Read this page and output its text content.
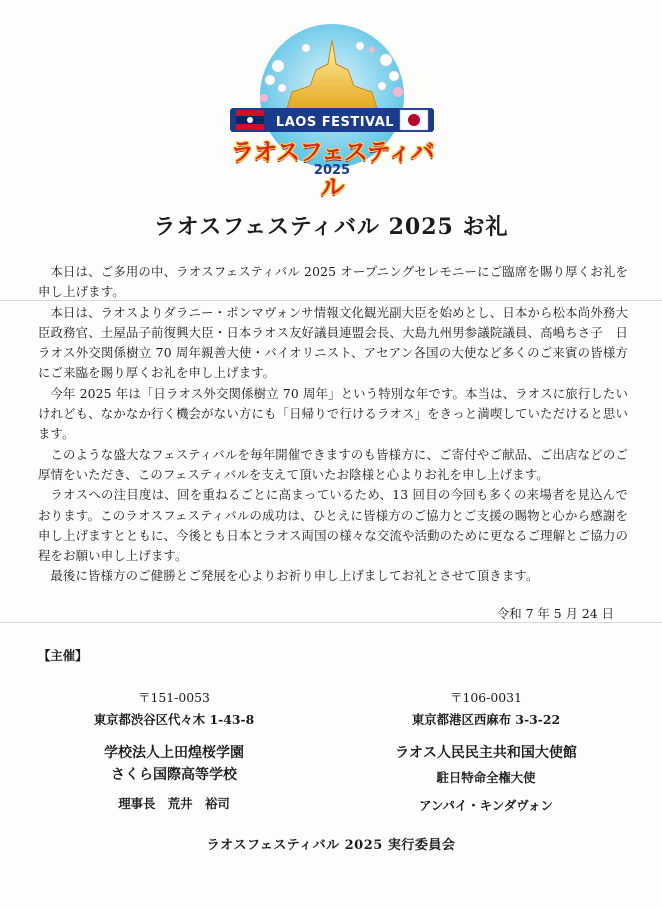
LAOS FESTIVAL
ラオスフェスティバル
2025
ラオスフェスティバル 2025 お礼

本日は、ご多用の中、ラオスフェスティバル 2025 オープニングセレモニーにご臨席を賜り厚くお礼を申し上げます。

本日は、ラオスよりダラニー・ポンマヴォンサ情報文化観光副大臣を始めとし、日本から松本尚外務大臣政務官、土屋品子前復興大臣・日本ラオス友好議員連盟会長、大島九州男参議院議員、高嶋ちさ子　日ラオス外交関係樹立 70 周年親善大使・バイオリニスト、アセアン各国の大使など多くのご来賓の皆様方にご来臨を賜り厚くお礼を申し上げます。

今年 2025 年は「日ラオス外交関係樹立 70 周年」という特別な年です。本当は、ラオスに旅行したいけれども、なかなか行く機会がない方にも「日帰りで行けるラオス」をきっと満喫していただけると思います。

このような盛大なフェスティバルを毎年開催できますのも皆様方に、ご寄付やご献品、ご出店などのご厚情をいただき、このフェスティバルを支えて頂いたお陰様と心よりお礼を申し上げます。

ラオスへの注目度は、回を重ねるごとに高まっているため、13 回目の今回も多くの来場者を見込んでおります。このラオスフェスティバルの成功は、ひとえに皆様方のご協力とご支援の賜物と心から感謝を申し上げますとともに、今後とも日本とラオス両国の様々な交流や活動のために更なるご理解とご協力の程をお願い申し上げます。

最後に皆様方のご健勝とご発展を心よりお祈り申し上げましてお礼とさせて頂きます。

令和 7 年 5 月 24 日
【主催】
〒151-0053
東京都渋谷区代々木 1-43-8
学校法人上田煌桜学園
さくら国際高等学校
理事長　荒井　裕司
〒106-0031
東京都港区西麻布 3-3-22
ラオス人民民主共和国大使館
駐日特命全権大使
アンパイ・キンダヴォン
ラオスフェスティバル 2025 実行委員会
